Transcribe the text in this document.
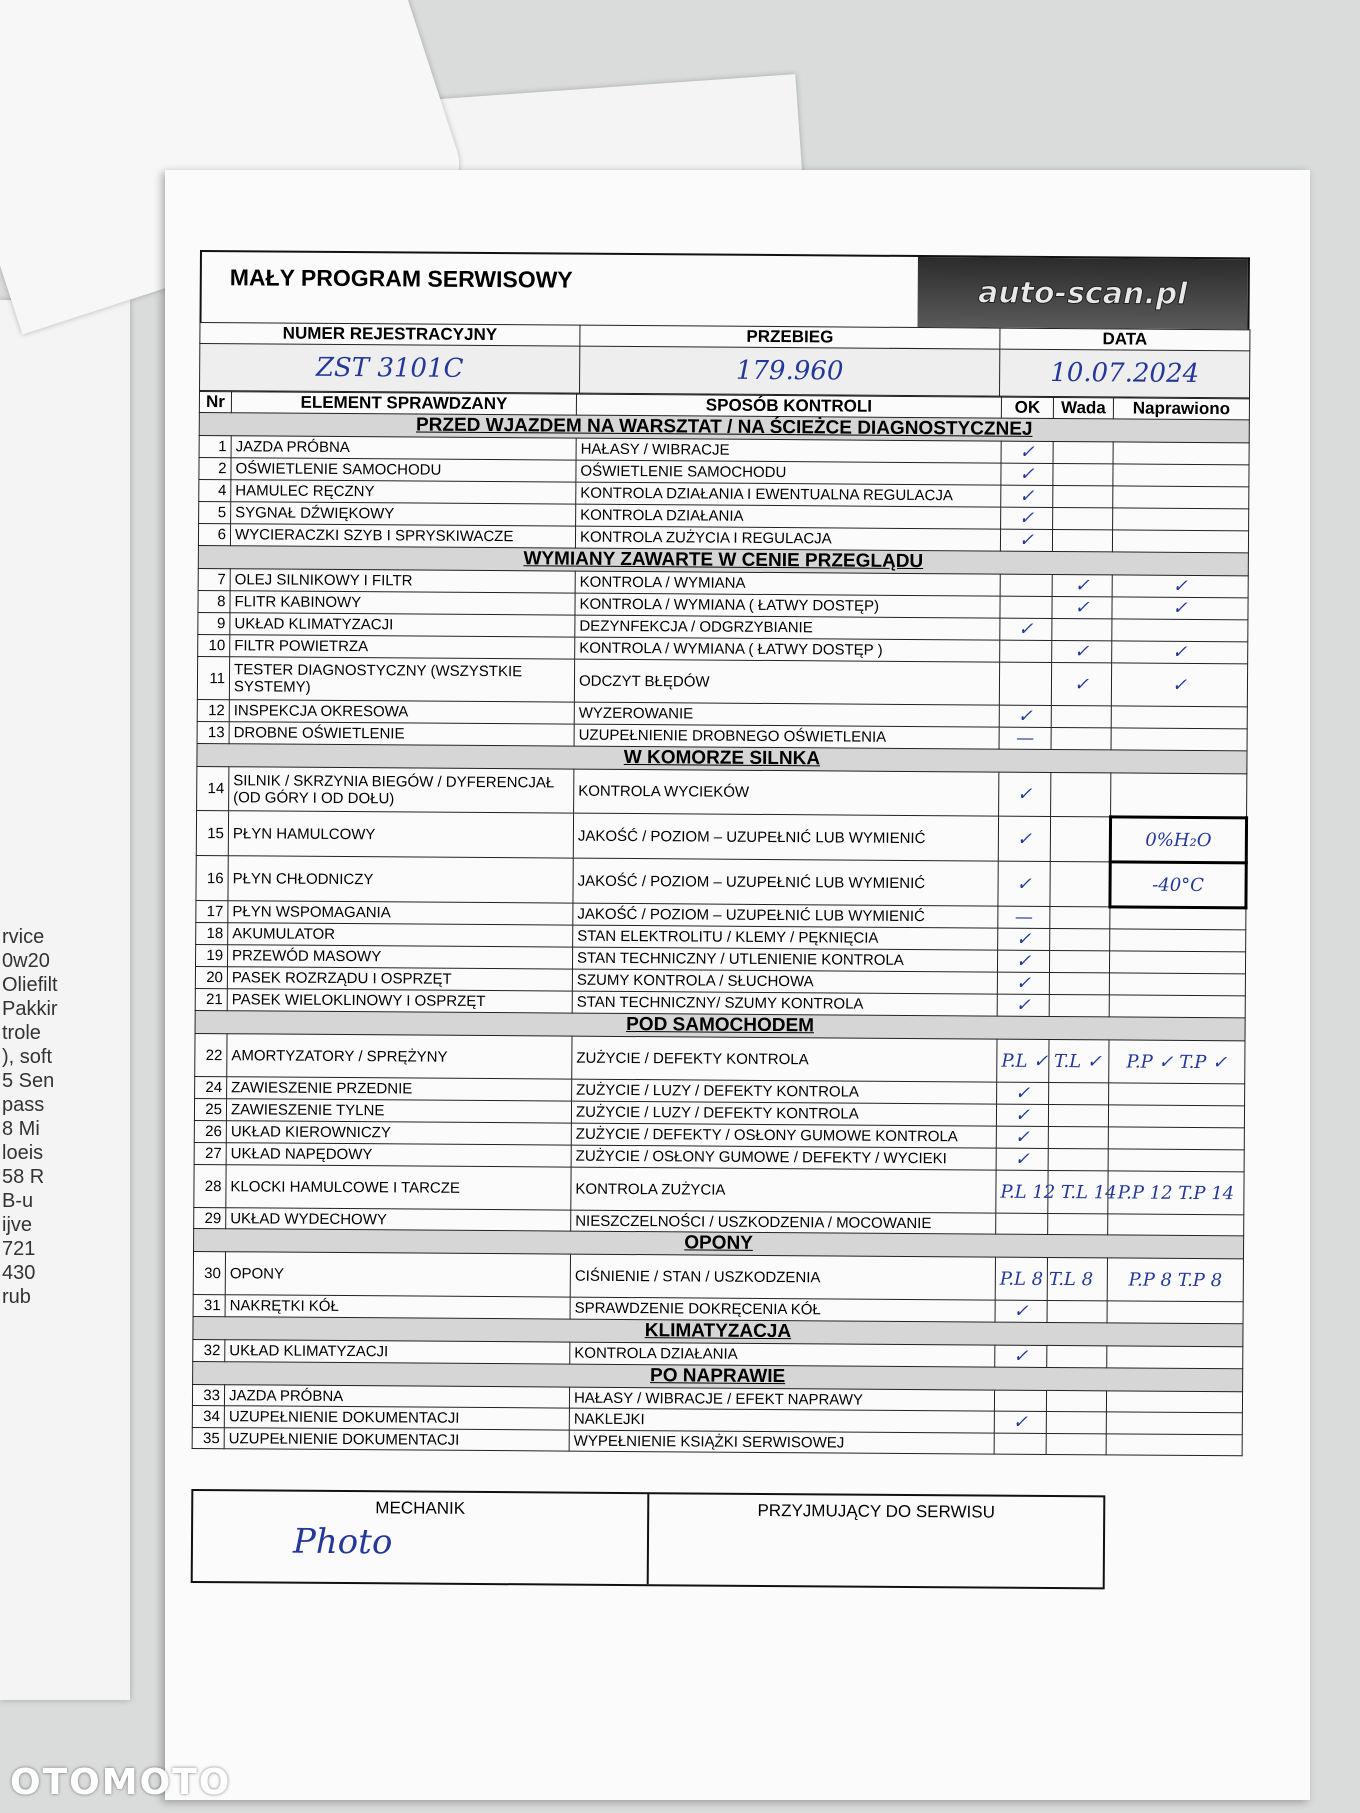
rvice
0w20
Oliefilt
Pakkir
trole
), soft
5 Sen
pass
8 Mi
loeis
58 R
B-u
ijve
721
430
rub
MAŁY PROGRAM SERWISOWY	auto-scan.pl
NUMER REJESTRACYJNY	PRZEBIEG	DATA
ZST 3101C	179.960	10.07.2024
Nr	ELEMENT SPRAWDZANY	SPOSÓB KONTROLI	OK	Wada	Naprawiono
PRZED WJAZDEM NA WARSZTAT / NA ŚCIEŻCE DIAGNOSTYCZNEJ					
1	JAZDA PRÓBNA	HAŁASY / WIBRACJE	✓		
2	OŚWIETLENIE SAMOCHODU	OŚWIETLENIE SAMOCHODU	✓		
4	HAMULEC RĘCZNY	KONTROLA DZIAŁANIA I EWENTUALNA REGULACJA	✓		
5	SYGNAŁ DŹWIĘKOWY	KONTROLA DZIAŁANIA	✓		
6	WYCIERACZKI SZYB I SPRYSKIWACZE	KONTROLA ZUŻYCIA I REGULACJA	✓		
WYMIANY ZAWARTE W CENIE PRZEGLĄDU					
7	OLEJ SILNIKOWY I FILTR	KONTROLA / WYMIANA		✓	✓
8	FLITR KABINOWY	KONTROLA / WYMIANA ( ŁATWY DOSTĘP)		✓	✓
9	UKŁAD KLIMATYZACJI	DEZYNFEKCJA / ODGRZYBIANIE	✓		
10	FILTR POWIETRZA	KONTROLA / WYMIANA ( ŁATWY DOSTĘP )		✓	✓
11	TESTER DIAGNOSTYCZNY (WSZYSTKIE SYSTEMY)	ODCZYT BŁĘDÓW		✓	✓
12	INSPEKCJA OKRESOWA	WYZEROWANIE	✓		
13	DROBNE OŚWIETLENIE	UZUPEŁNIENIE DROBNEGO OŚWIETLENIA	—		
W KOMORZE SILNKA					
14	SILNIK / SKRZYNIA BIEGÓW / DYFERENCJAŁ (OD GÓRY I OD DOŁU)	KONTROLA WYCIEKÓW	✓		
15	PŁYN HAMULCOWY	JAKOŚĆ / POZIOM – UZUPEŁNIĆ LUB WYMIENIĆ	✓		0%H₂O
16	PŁYN CHŁODNICZY	JAKOŚĆ / POZIOM – UZUPEŁNIĆ LUB WYMIENIĆ	✓		-40°C
17	PŁYN WSPOMAGANIA	JAKOŚĆ / POZIOM – UZUPEŁNIĆ LUB WYMIENIĆ	—		
18	AKUMULATOR	STAN ELEKTROLITU / KLEMY / PĘKNIĘCIA	✓		
19	PRZEWÓD MASOWY	STAN TECHNICZNY / UTLENIENIE KONTROLA	✓		
20	PASEK ROZRZĄDU I OSPRZĘT	SZUMY KONTROLA / SŁUCHOWA	✓		
21	PASEK WIELOKLINOWY I OSPRZĘT	STAN TECHNICZNY/ SZUMY KONTROLA	✓		
POD SAMOCHODEM					
22	AMORTYZATORY / SPRĘŻYNY	ZUŻYCIE / DEFEKTY KONTROLA	P.L ✓ T.L ✓		P.P ✓ T.P ✓
24	ZAWIESZENIE PRZEDNIE	ZUŻYCIE / LUZY / DEFEKTY KONTROLA	✓		
25	ZAWIESZENIE TYLNE	ZUŻYCIE / LUZY / DEFEKTY KONTROLA	✓		
26	UKŁAD KIEROWNICZY	ZUŻYCIE / DEFEKTY / OSŁONY GUMOWE KONTROLA	✓		
27	UKŁAD NAPĘDOWY	ZUŻYCIE / OSŁONY GUMOWE / DEFEKTY / WYCIEKI	✓		
28	KLOCKI HAMULCOWE I TARCZE	KONTROLA ZUŻYCIA	P.L 12 T.L 14		P.P 12 T.P 14
29	UKŁAD WYDECHOWY	NIESZCZELNOŚCI / USZKODZENIA / MOCOWANIE			
OPONY					
30	OPONY	CIŚNIENIE / STAN / USZKODZENIA	P.L 8 T.L 8		P.P 8 T.P 8
31	NAKRĘTKI KÓŁ	SPRAWDZENIE DOKRĘCENIA KÓŁ	✓		
KLIMATYZACJA					
32	UKŁAD KLIMATYZACJI	KONTROLA DZIAŁANIA	✓		
PO NAPRAWIE					
33	JAZDA PRÓBNA	HAŁASY / WIBRACJE / EFEKT NAPRAWY			
34	UZUPEŁNIENIE DOKUMENTACJI	NAKLEJKI	✓		
35	UZUPEŁNIENIE DOKUMENTACJI	WYPEŁNIENIE KSIĄŻKI SERWISOWEJ			
MECHANIK
Photo
PRZYJMUJĄCY DO SERWISU
OTOMOTO
